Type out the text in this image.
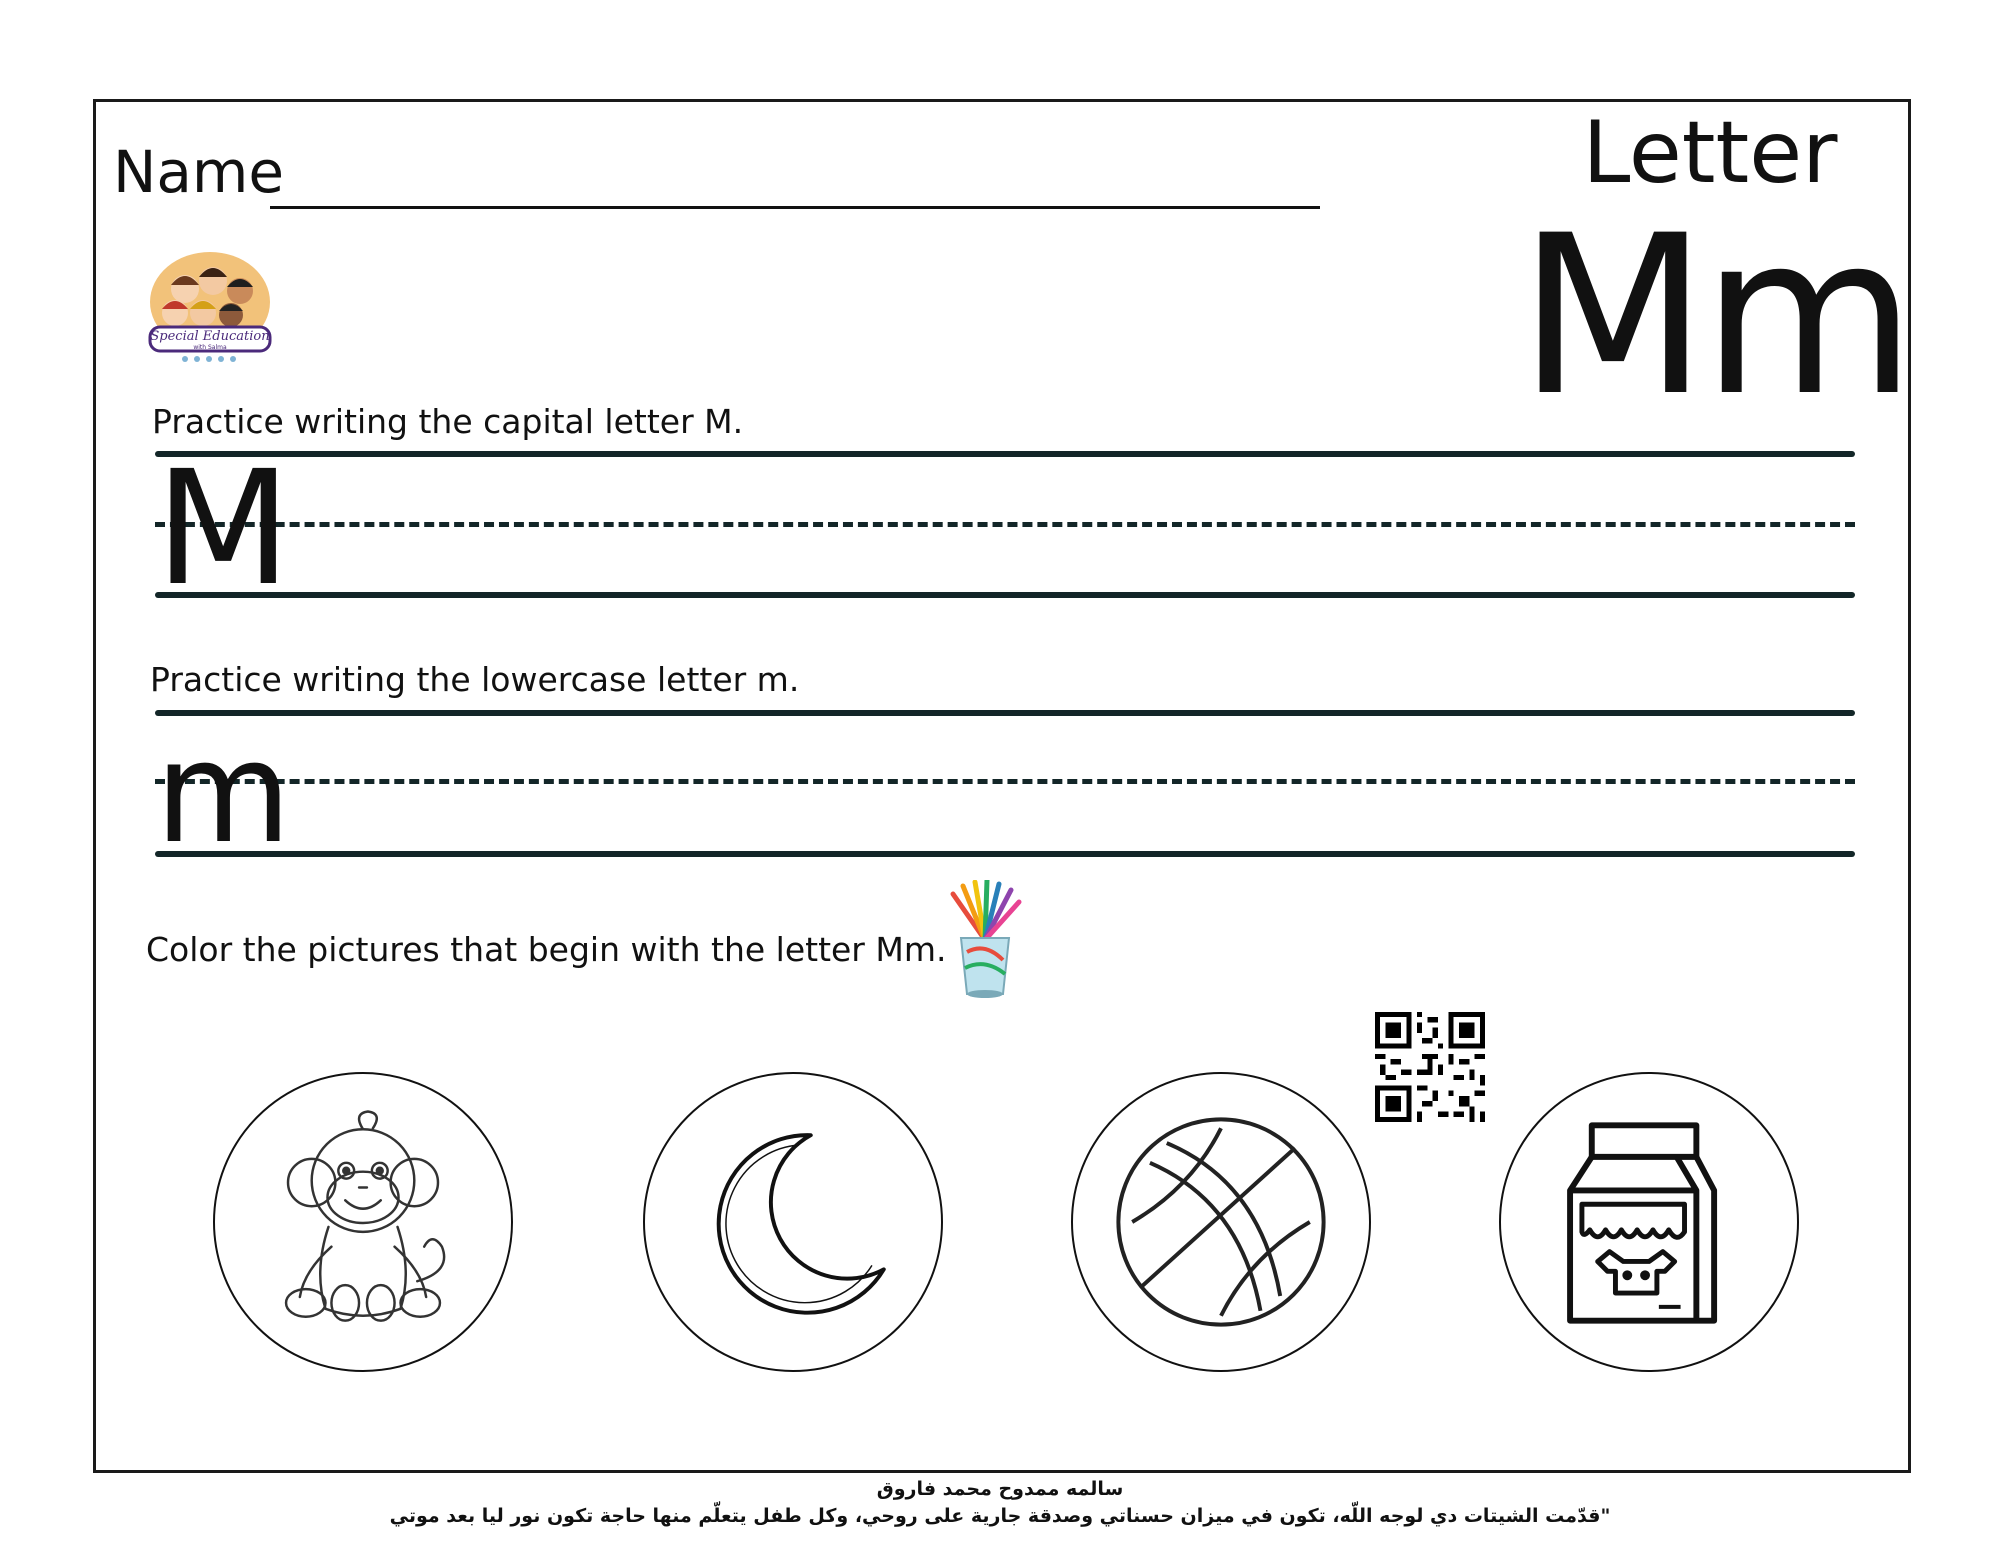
Name	Letter
Mm
Special Education
with Salma
Practice writing the capital letter M.
M
Practice writing the lowercase letter m.
m
Color the pictures that begin with the letter Mm.
سالمه ممدوح محمد فاروق
"قدّمت الشيتات دي لوجه اللّه، تكون في ميزان حسناتي وصدقة جارية على روحي، وكل طفل يتعلّم منها حاجة تكون نور ليا بعد موتي
